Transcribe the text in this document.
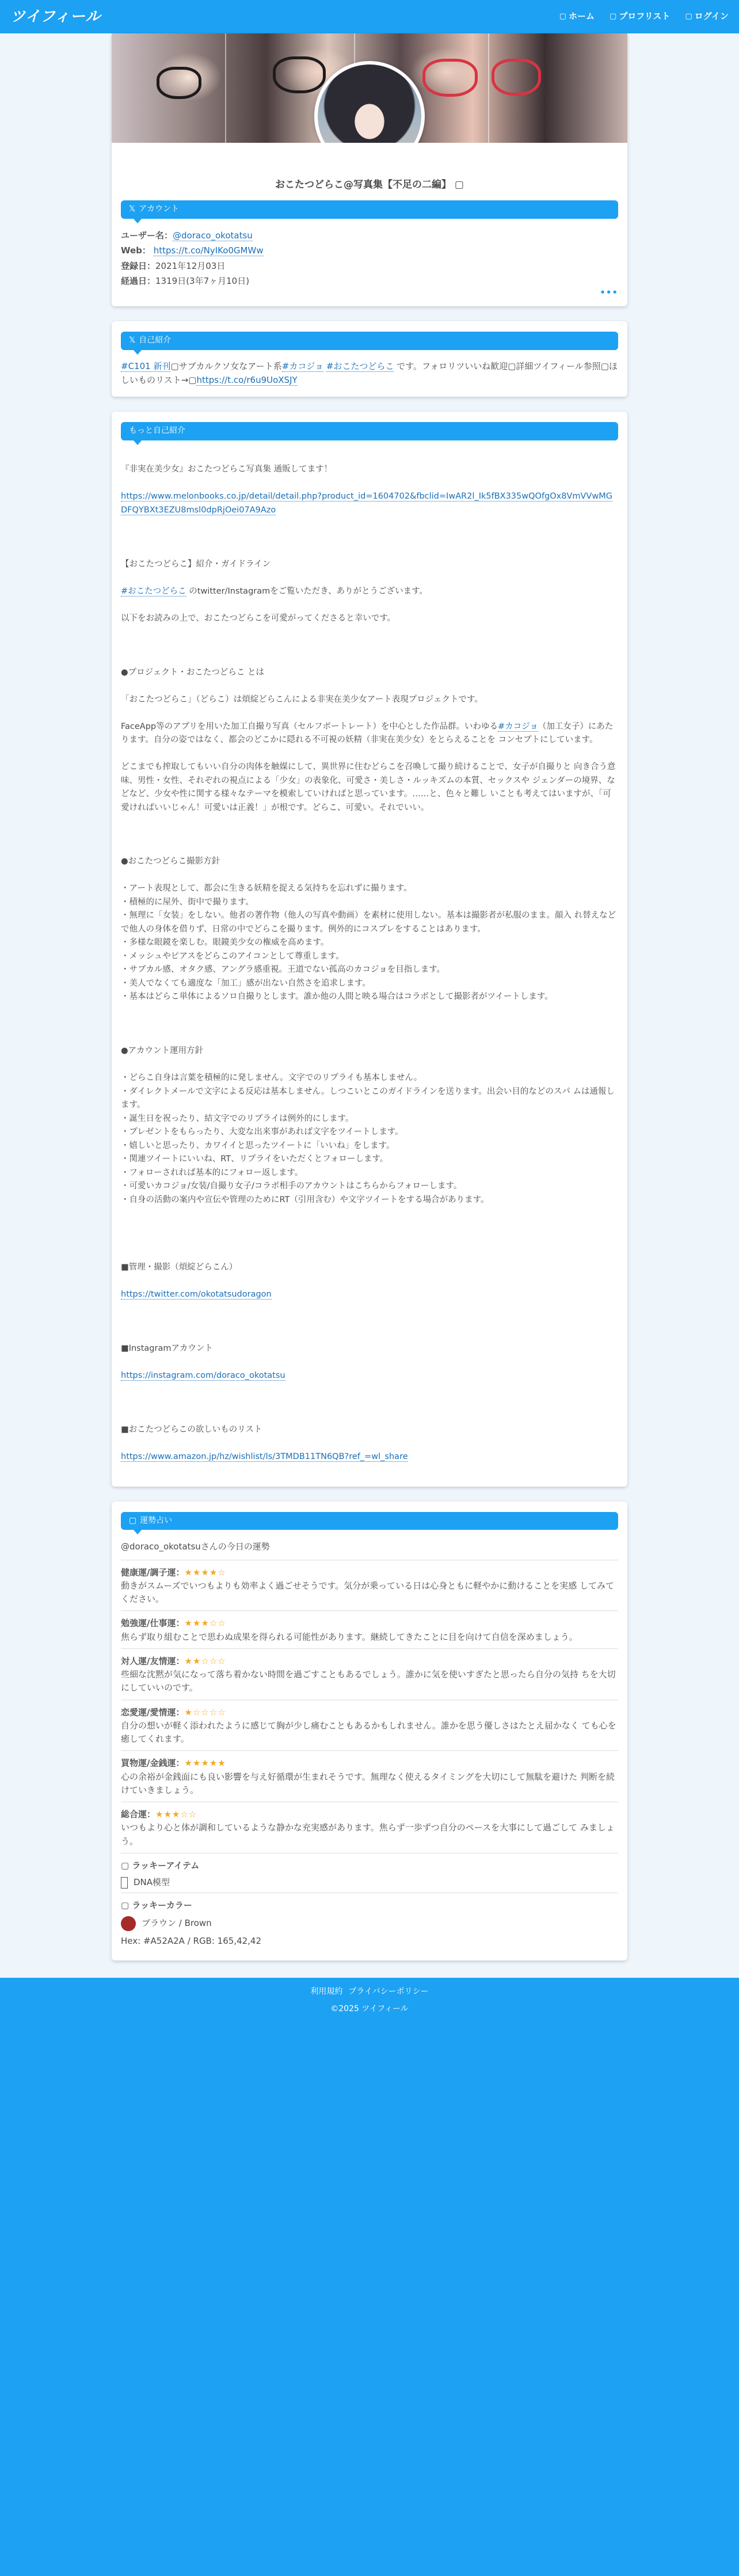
ツイフィール	▢ ホーム ▢ プロフリスト ▢ ログイン
おこたつどらこ@写真集【不足の二編】 ▢
𝕏 アカウント
ユーザー名：@doraco_okotatsu
Web： https://t.co/NyIKo0GMWw
登録日：2021年12月03日
経過日：1319日(3年7ヶ月10日)
•••
𝕏 自己紹介
#C101 新刊▢サブカルクソ女なアート系#カコジョ #おこたつどらこ です。フォロリツいいね歓迎▢詳細ツイフィール参照▢ほしいものリスト→▢https://t.co/r6u9UoXSJY
もっと自己紹介

『非実在美少女』おこたつどらこ写真集 通販してます！

https://www.melonbooks.co.jp/detail/detail.php?product_id=1604702&fbclid=IwAR2l_Ik5fBX335wQOfgOx8VmVVwMGDFQYBXt3EZU8msl0dpRjOei07A9Azo

【おこたつどらこ】紹介・ガイドライン

#おこたつどらこ のtwitter/Instagramをご覧いただき、ありがとうございます。

以下をお読みの上で、おこたつどらこを可愛がってくださると幸いです。

●プロジェクト・おこたつどらこ とは

「おこたつどらこ」（どらこ）は煩綻どらこんによる非実在美少女アート表現プロジェクトです。

FaceApp等のアプリを用いた加工自撮り写真（セルフポートレート）を中心とした作品群。いわゆる#カコジョ（加工女子）にあたります。自分の姿ではなく、都会のどこかに隠れる不可視の妖精（非実在美少女）をとらえることを コンセプトにしています。

どこまでも搾取してもいい自分の肉体を触媒にして、異世界に住むどらこを召喚して撮り続けることで、女子が自撮りと 向き合う意味、男性・女性、それぞれの視点による「少女」の表象化、可愛さ・美しさ・ルッキズムの本質、セックスや ジェンダーの境界、などなど、少女や性に関する様々なテーマを模索していければと思っています。……と、色々と難し いことも考えてはいますが、「可愛ければいいじゃん！可愛いは正義！」が根です。どらこ、可愛い。それでいい。

●おこたつどらこ撮影方針

・アート表現として、都会に生きる妖精を捉える気持ちを忘れずに撮ります。
・積極的に屋外、街中で撮ります。
・無理に「女装」をしない。他者の著作物（他人の写真や動画）を素材に使用しない。基本は撮影者が私服のまま。顔入 れ替えなどで他人の身体を借りず、日常の中でどらこを撮ります。例外的にコスプレをすることはあります。
・多様な眼鏡を楽しむ。眼鏡美少女の権威を高めます。
・メッシュやピアスをどらこのアイコンとして尊重します。
・サブカル感、オタク感、アングラ感重視。王道でない孤高のカコジョを目指します。
・美人でなくても適度な「加工」感が出ない自然さを追求します。
・基本はどらこ単体によるソロ自撮りとします。誰か他の人間と映る場合はコラボとして撮影者がツイートします。

●アカウント運用方針

・どらこ自身は言葉を積極的に発しません。文字でのリプライも基本しません。
・ダイレクトメールで文字による反応は基本しません。しつこいとこのガイドラインを送ります。出会い目的などのスパ ムは通報します。
・誕生日を祝ったり、結文字でのリプライは例外的にします。
・プレゼントをもらったり、大変な出来事があれば文字をツイートします。
・嬉しいと思ったり、カワイイと思ったツイートに「いいね」をします。
・関連ツイートにいいね、RT、リプライをいただくとフォローします。
・フォローされれば基本的にフォロー返します。
・可愛いカコジョ/女装/自撮り女子/コラボ相手のアカウントはこちらからフォローします。
・自身の活動の案内や宣伝や管理のためにRT（引用含む）や文字ツイートをする場合があります。

■管理・撮影（煩綻どらこん）

https://twitter.com/okotatsudoragon

■Instagramアカウント

https://instagram.com/doraco_okotatsu

■おこたつどらこの欲しいものリスト

https://www.amazon.jp/hz/wishlist/ls/3TMDB11TN6QB?ref_=wl_share

▢ 運勢占い
@doraco_okotatsuさんの今日の運勢
健康運/調子運：★★★★☆
動きがスムーズでいつもよりも効率よく過ごせそうです。気分が乗っている日は心身ともに軽やかに動けることを実感 してみてください。
勉強運/仕事運：★★★☆☆
焦らず取り組むことで思わぬ成果を得られる可能性があります。継続してきたことに目を向けて自信を深めましょう。
対人運/友情運：★★☆☆☆
些細な沈黙が気になって落ち着かない時間を過ごすこともあるでしょう。誰かに気を使いすぎたと思ったら自分の気持 ちを大切にしていいのです。
恋愛運/愛情運：★☆☆☆☆
自分の想いが軽く添われたように感じて胸が少し痛むこともあるかもしれません。誰かを思う優しさはたとえ届かなく ても心を癒してくれます。
買物運/金銭運：★★★★★
心の余裕が金銭面にも良い影響を与え好循環が生まれそうです。無理なく使えるタイミングを大切にして無駄を避けた 判断を続けていきましょう。
総合運：★★★☆☆
いつもより心と体が調和しているような静かな充実感があります。焦らず一歩ずつ自分のペースを大事にして過ごして みましょう。
▢ ラッキーアイテム
DNA模型
▢ ラッキーカラー
ブラウン / Brown
Hex: #A52A2A / RGB: 165,42,42
利用規約 プライバシーポリシー
©2025 ツイフィール
